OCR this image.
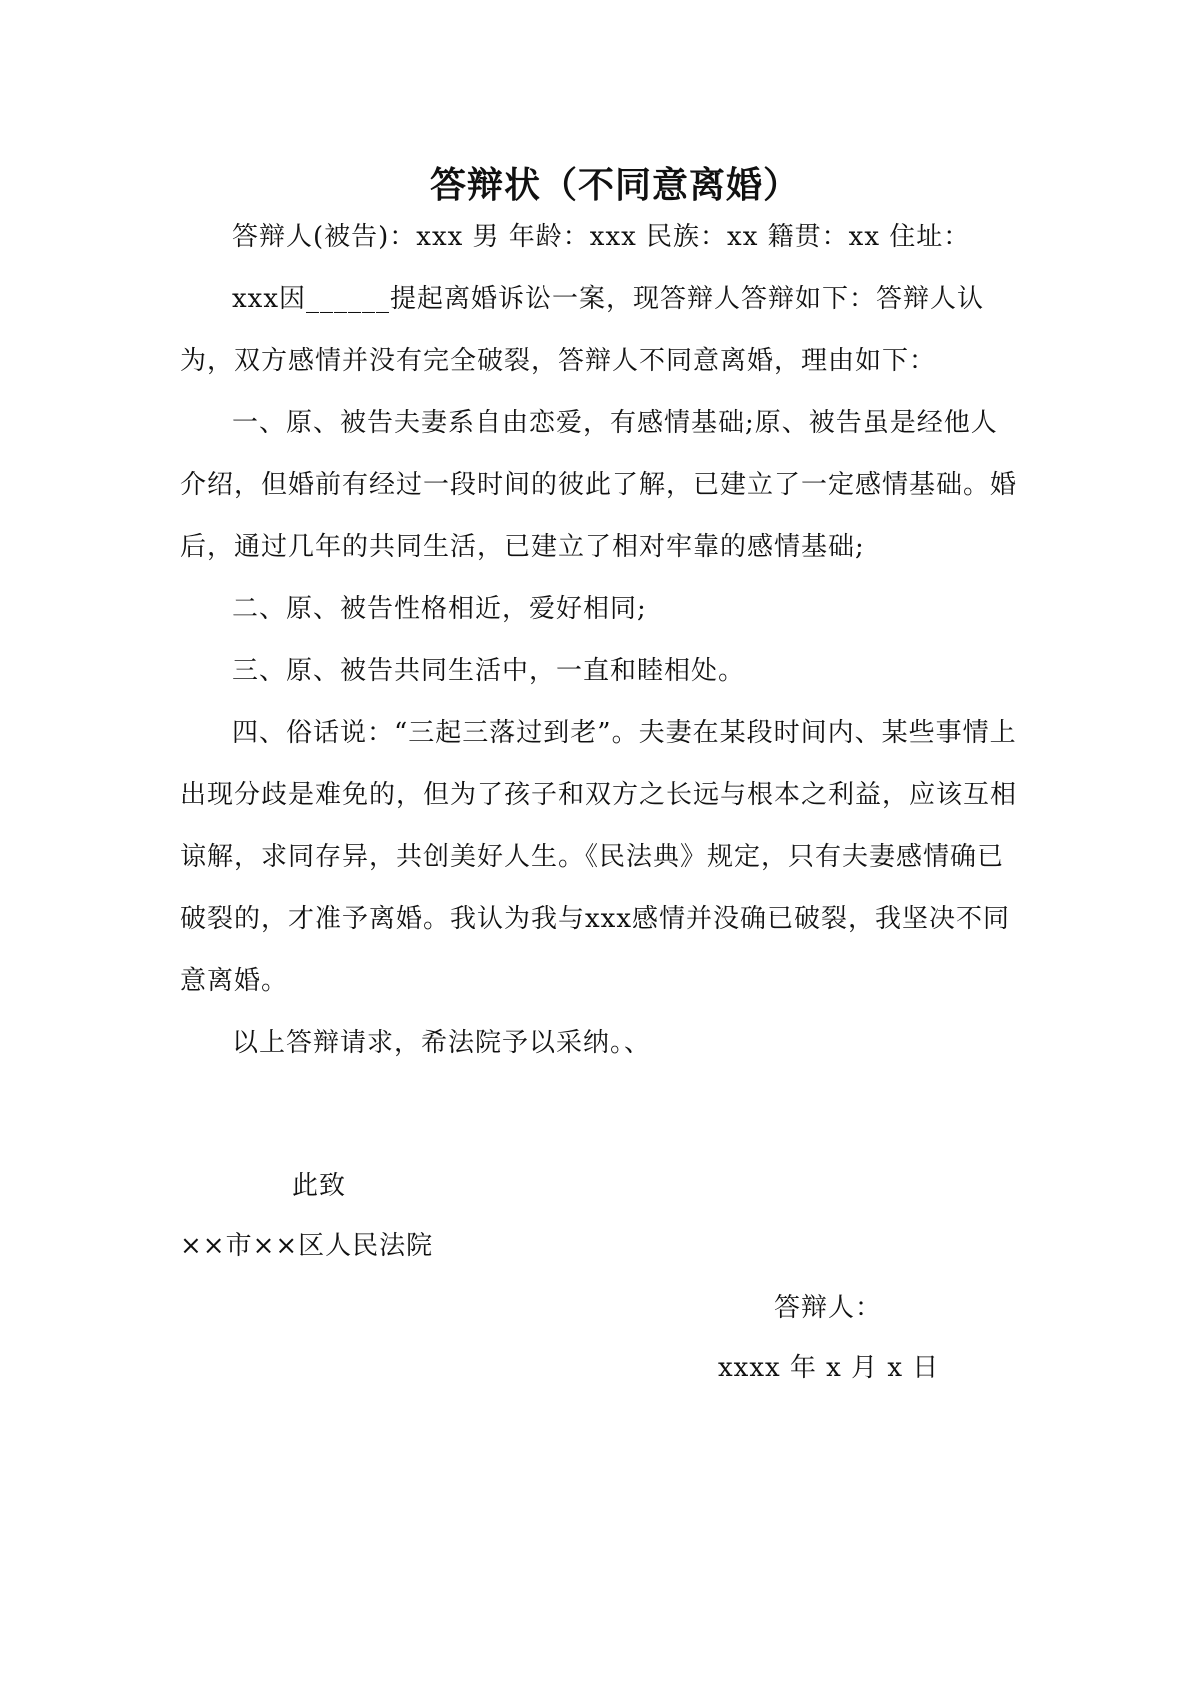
答辩状（不同意离婚）

答辩人(被告)：xxx 男 年龄：xxx 民族：xx 籍贯：xx 住址：

xxx因______提起离婚诉讼一案，现答辩人答辩如下：答辩人认为，双方感情并没有完全破裂，答辩人不同意离婚，理由如下：

一、原、被告夫妻系自由恋爱，有感情基础;原、被告虽是经他人介绍，但婚前有经过一段时间的彼此了解，已建立了一定感情基础。婚后，通过几年的共同生活，已建立了相对牢靠的感情基础;

二、原、被告性格相近，爱好相同;

三、原、被告共同生活中，一直和睦相处。

四、俗话说：“三起三落过到老”。夫妻在某段时间内、某些事情上出现分歧是难免的，但为了孩子和双方之长远与根本之利益，应该互相谅解，求同存异，共创美好人生。《民法典》规定，只有夫妻感情确已破裂的，才准予离婚。我认为我与xxx感情并没确已破裂，我坚决不同意离婚。

以上答辩请求，希法院予以采纳。、

此致
××市××区人民法院
答辩人：
xxxx 年 x 月 x 日
